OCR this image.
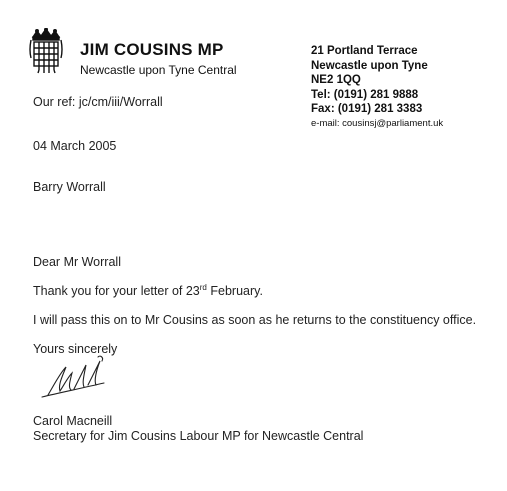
JIM COUSINS MP
Newcastle upon Tyne Central
21 Portland Terrace
Newcastle upon Tyne
NE2 1QQ
Tel: (0191) 281 9888
Fax: (0191) 281 3383
e-mail: cousinsj@parliament.uk
Our ref: jc/cm/iii/Worrall
04 March 2005
Barry Worrall
Dear Mr Worrall
Thank you for your letter of 23rd February.
I will pass this on to Mr Cousins as soon as he returns to the constituency office.
Yours sincerely
Carol Macneill
Secretary for Jim Cousins Labour MP for Newcastle Central
